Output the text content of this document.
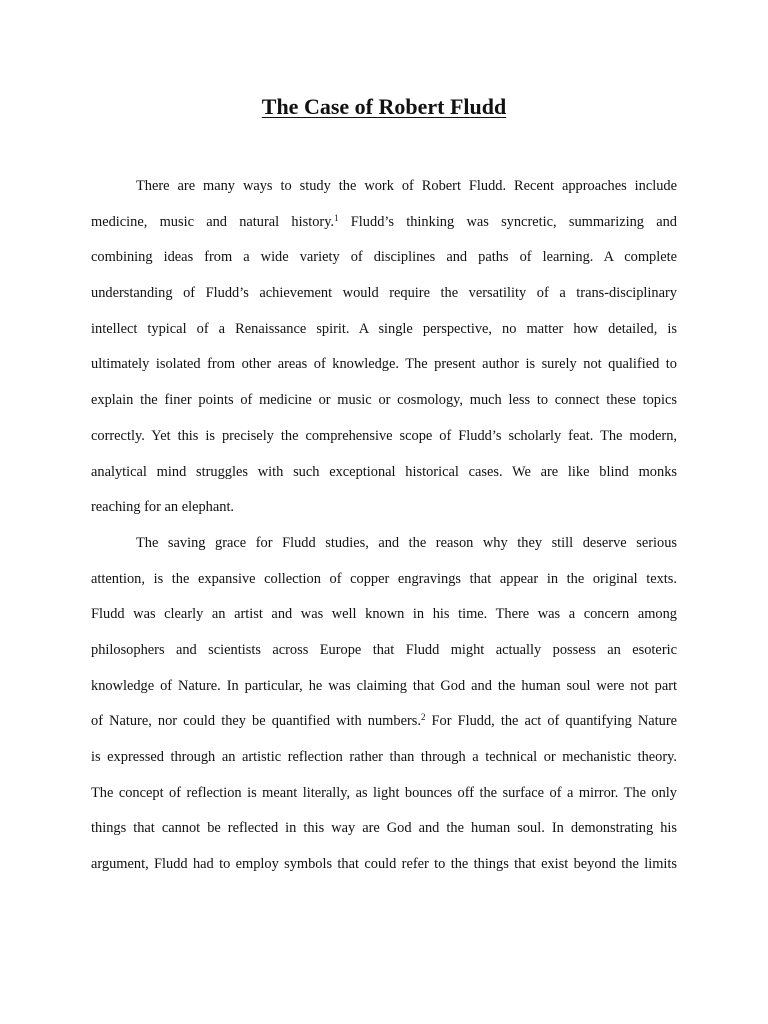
The Case of Robert Fludd
There are many ways to study the work of Robert Fludd. Recent approaches include
medicine, music and natural history.$^1$ Fludd’s thinking was syncretic, summarizing and
combining ideas from a wide variety of disciplines and paths of learning. A complete
understanding of Fludd’s achievement would require the versatility of a trans-disciplinary
intellect typical of a Renaissance spirit. A single perspective, no matter how detailed, is
ultimately isolated from other areas of knowledge. The present author is surely not qualified to
explain the finer points of medicine or music or cosmology, much less to connect these topics
correctly. Yet this is precisely the comprehensive scope of Fludd’s scholarly feat. The modern,
analytical mind struggles with such exceptional historical cases. We are like blind monks
reaching for an elephant.
The saving grace for Fludd studies, and the reason why they still deserve serious
attention, is the expansive collection of copper engravings that appear in the original texts.
Fludd was clearly an artist and was well known in his time. There was a concern among
philosophers and scientists across Europe that Fludd might actually possess an esoteric
knowledge of Nature. In particular, he was claiming that God and the human soul were not part
of Nature, nor could they be quantified with numbers.$^2$ For Fludd, the act of quantifying Nature
is expressed through an artistic reflection rather than through a technical or mechanistic theory.
The concept of reflection is meant literally, as light bounces off the surface of a mirror. The only
things that cannot be reflected in this way are God and the human soul. In demonstrating his
argument, Fludd had to employ symbols that could refer to the things that exist beyond the limits
